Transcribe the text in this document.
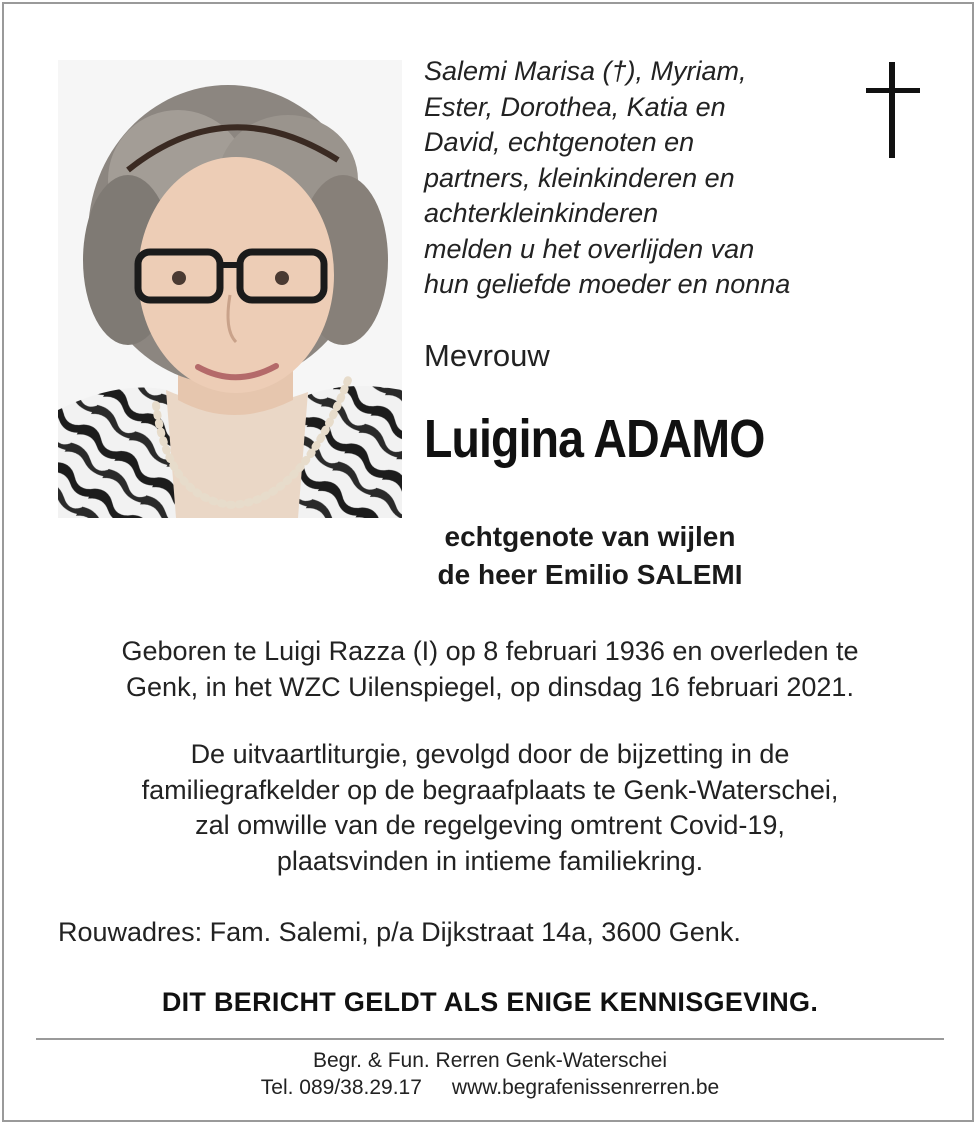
Salemi Marisa (†), Myriam,
Ester, Dorothea, Katia en
David, echtgenoten en
partners, kleinkinderen en
achterkleinkinderen
melden u het overlijden van
hun geliefde moeder en nonna
Mevrouw
Luigina ADAMO
echtgenote van wijlen
de heer Emilio SALEMI
Geboren te Luigi Razza (I) op 8 februari 1936 en overleden te
Genk, in het WZC Uilenspiegel, op dinsdag 16 februari 2021.
De uitvaartliturgie, gevolgd door de bijzetting in de
familiegrafkelder op de begraafplaats te Genk-Waterschei,
zal omwille van de regelgeving omtrent Covid-19,
plaatsvinden in intieme familiekring.
Rouwadres: Fam. Salemi, p/a Dijkstraat 14a, 3600 Genk.
DIT BERICHT GELDT ALS ENIGE KENNISGEVING.
Begr. & Fun. Rerren Genk-Waterschei
Tel. 089/38.29.17 www.begrafenissenrerren.be
